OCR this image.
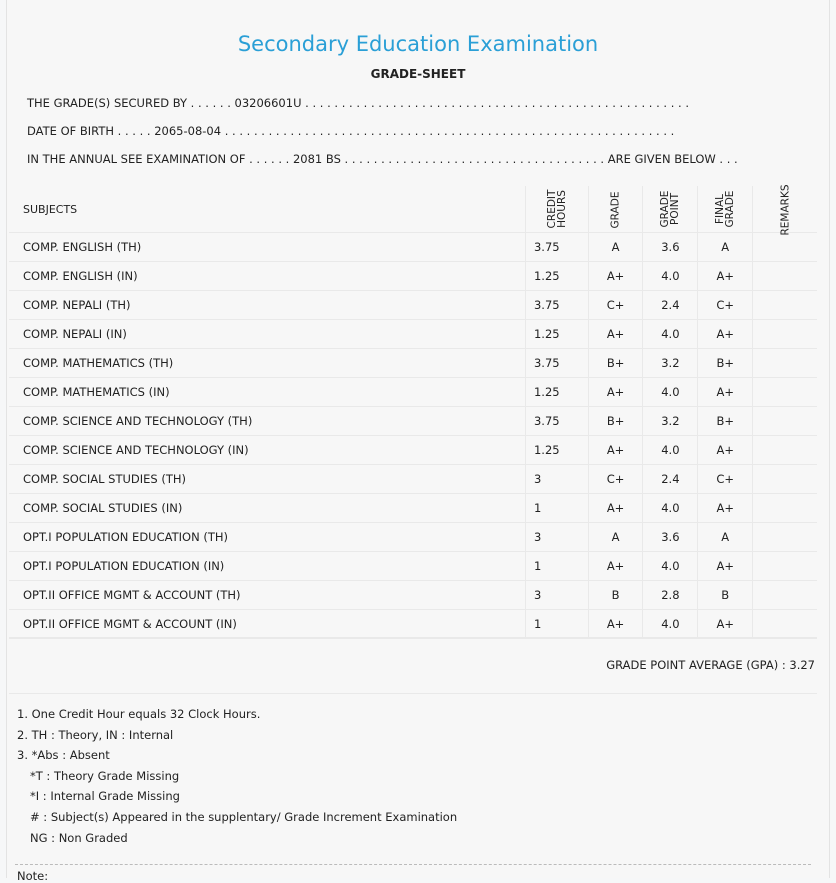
Secondary Education Examination
GRADE-SHEET
THE GRADE(S) SECURED BY . . . . . . 03206601U . . . . . . . . . . . . . . . . . . . . . . . . . . . . . . . . . . . . . . . . . . . . . . . . . . . . .
DATE OF BIRTH . . . . . 2065-08-04 . . . . . . . . . . . . . . . . . . . . . . . . . . . . . . . . . . . . . . . . . . . . . . . . . . . . . . . . . . . . . .
IN THE ANNUAL SEE EXAMINATION OF . . . . . . 2081 BS . . . . . . . . . . . . . . . . . . . . . . . . . . . . . . . . . . . . ARE GIVEN BELOW . . .
SUBJECTS	CREDIT HOURS	GRADE	GRADE POINT	FINAL GRADE	REMARKS
COMP. ENGLISH (TH)	3.75	A	3.6	A	
COMP. ENGLISH (IN)	1.25	A+	4.0	A+	
COMP. NEPALI (TH)	3.75	C+	2.4	C+	
COMP. NEPALI (IN)	1.25	A+	4.0	A+	
COMP. MATHEMATICS (TH)	3.75	B+	3.2	B+	
COMP. MATHEMATICS (IN)	1.25	A+	4.0	A+	
COMP. SCIENCE AND TECHNOLOGY (TH)	3.75	B+	3.2	B+	
COMP. SCIENCE AND TECHNOLOGY (IN)	1.25	A+	4.0	A+	
COMP. SOCIAL STUDIES (TH)	3	C+	2.4	C+	
COMP. SOCIAL STUDIES (IN)	1	A+	4.0	A+	
OPT.I POPULATION EDUCATION (TH)	3	A	3.6	A	
OPT.I POPULATION EDUCATION (IN)	1	A+	4.0	A+	
OPT.II OFFICE MGMT & ACCOUNT (TH)	3	B	2.8	B	
OPT.II OFFICE MGMT & ACCOUNT (IN)	1	A+	4.0	A+	
GRADE POINT AVERAGE (GPA) : 3.27
1. One Credit Hour equals 32 Clock Hours.
2. TH : Theory, IN : Internal
3. *Abs : Absent
*T : Theory Grade Missing
*I : Internal Grade Missing
# : Subject(s) Appeared in the supplentary/ Grade Increment Examination
NG : Non Graded
Note:
